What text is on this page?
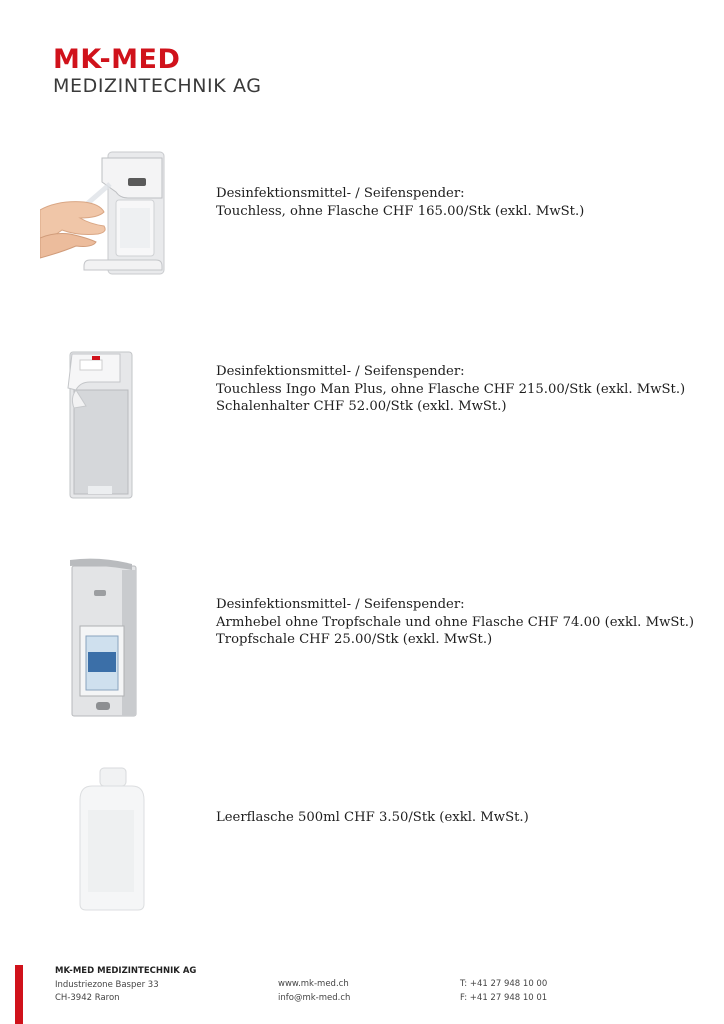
MK-MED
MEDIZINTECHNIK AG
Desinfektionsmittel- / Seifenspender:
Touchless, ohne Flasche CHF 165.00/Stk (exkl. MwSt.)
Desinfektionsmittel- / Seifenspender:
Touchless Ingo Man Plus, ohne Flasche CHF 215.00/Stk (exkl. MwSt.)
Schalenhalter CHF 52.00/Stk (exkl. MwSt.)
Desinfektionsmittel- / Seifenspender:
Armhebel ohne Tropfschale und ohne Flasche CHF 74.00 (exkl. MwSt.)
Tropfschale CHF 25.00/Stk (exkl. MwSt.)
Leerflasche 500ml CHF 3.50/Stk (exkl. MwSt.)
MK-MED MEDIZINTECHNIK AG
Industriezone Basper 33
CH-3942 Raron
www.mk-med.ch
info@mk-med.ch
T: +41 27 948 10 00
F: +41 27 948 10 01
